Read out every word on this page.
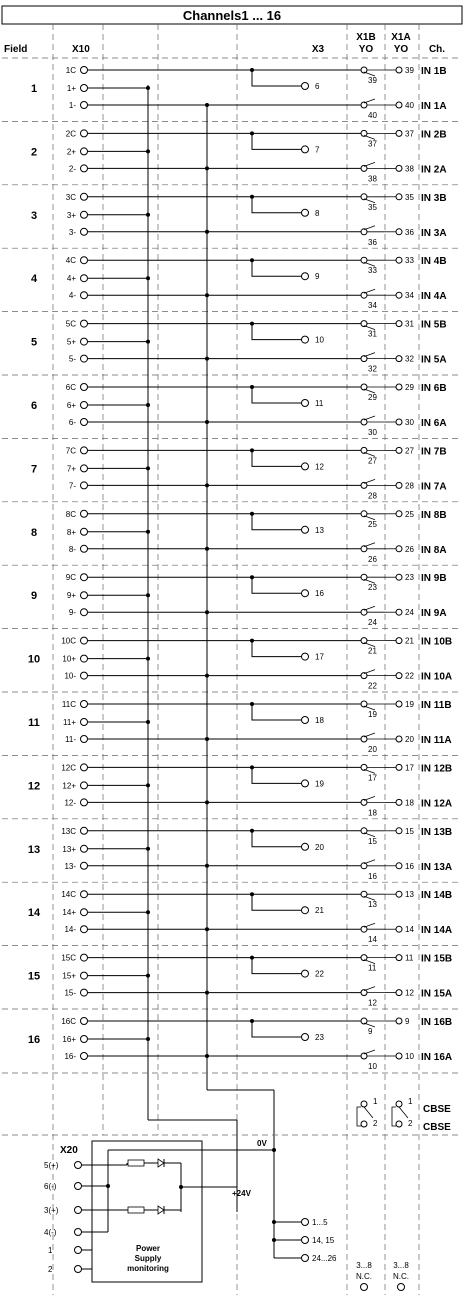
Channels1 ... 16
Field	X10	X3
X1B
YO
X1A
YO Ch.
1
1C
1+
1-
6
39
39 IN 1B
40
40 IN 1A
2
2C
2+
2-
7
37
37 IN 2B
38
38 IN 2A
3
3C
3+
3-
8
35
35 IN 3B
36
36 IN 3A
4
4C
4+
4-
9
33
33 IN 4B
34
34 IN 4A
5
5C
5+
5-
10
31
31 IN 5B
32
32 IN 5A
6
6C
6+
6-
11
29
29 IN 6B
30
30 IN 6A
7
7C
7+
7-
12
27
27 IN 7B
28
28 IN 7A
8
8C
8+
8-
13
25
25 IN 8B
26
26 IN 8A
9
9C
9+
9-
16
23
23 IN 9B
24
24 IN 9A
10
10C
10+
10-
17
21
21 IN 10B
22
22 IN 10A
11
11C
11+
11-
18
19
19 IN 11B
20
20 IN 11A
12
12C
12+
12-
19
17
17 IN 12B
18
18 IN 12A
13
13C
13+
13-
20
15
15 IN 13B
16
16 IN 13A
14
14C
14+
14-
21
13
13 IN 14B
14
14 IN 14A
15
15C
15+
15-
22
11
11 IN 15B
12
12 IN 15A
16
16C
16+
16-
23
9
9 IN 16B
10
10 IN 16A
1
2
1
2
CBSE
CBSE
X20
5(+)
6(-)
3(+)
4(-)
1
2
0V
+24V
Power
Supply
monitoring
1...5
14, 15
24...26
3...8
N.C.
3...8
N.C.
